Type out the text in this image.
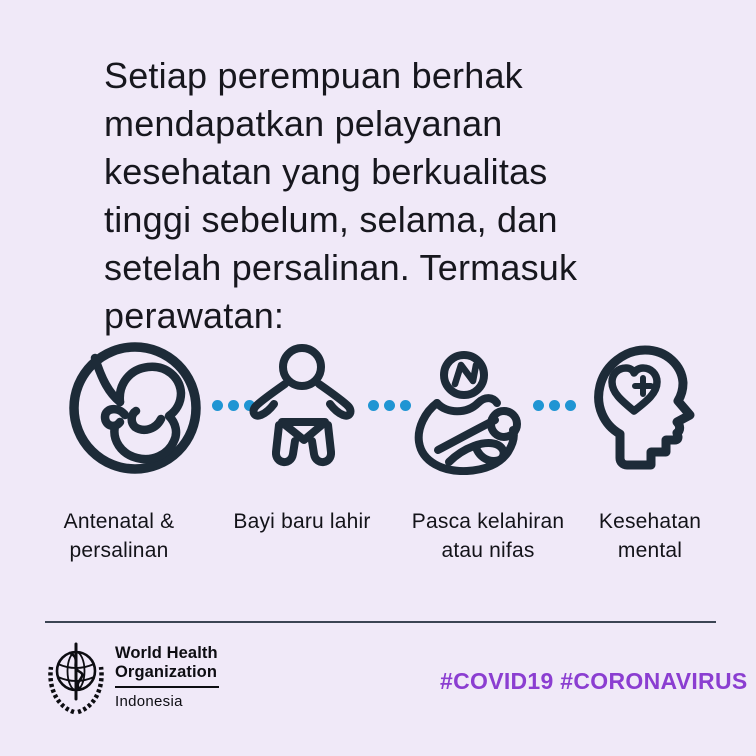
Setiap perempuan berhak
mendapatkan pelayanan
kesehatan yang berkualitas
tinggi sebelum, selama, dan
setelah persalinan. Termasuk
perawatan:
Antenatal &
persalinan
Bayi baru lahir Pasca kelahiran
atau nifas
Kesehatan
mental
World Health
Organization
Indonesia
#COVID19 #CORONAVIRUS
